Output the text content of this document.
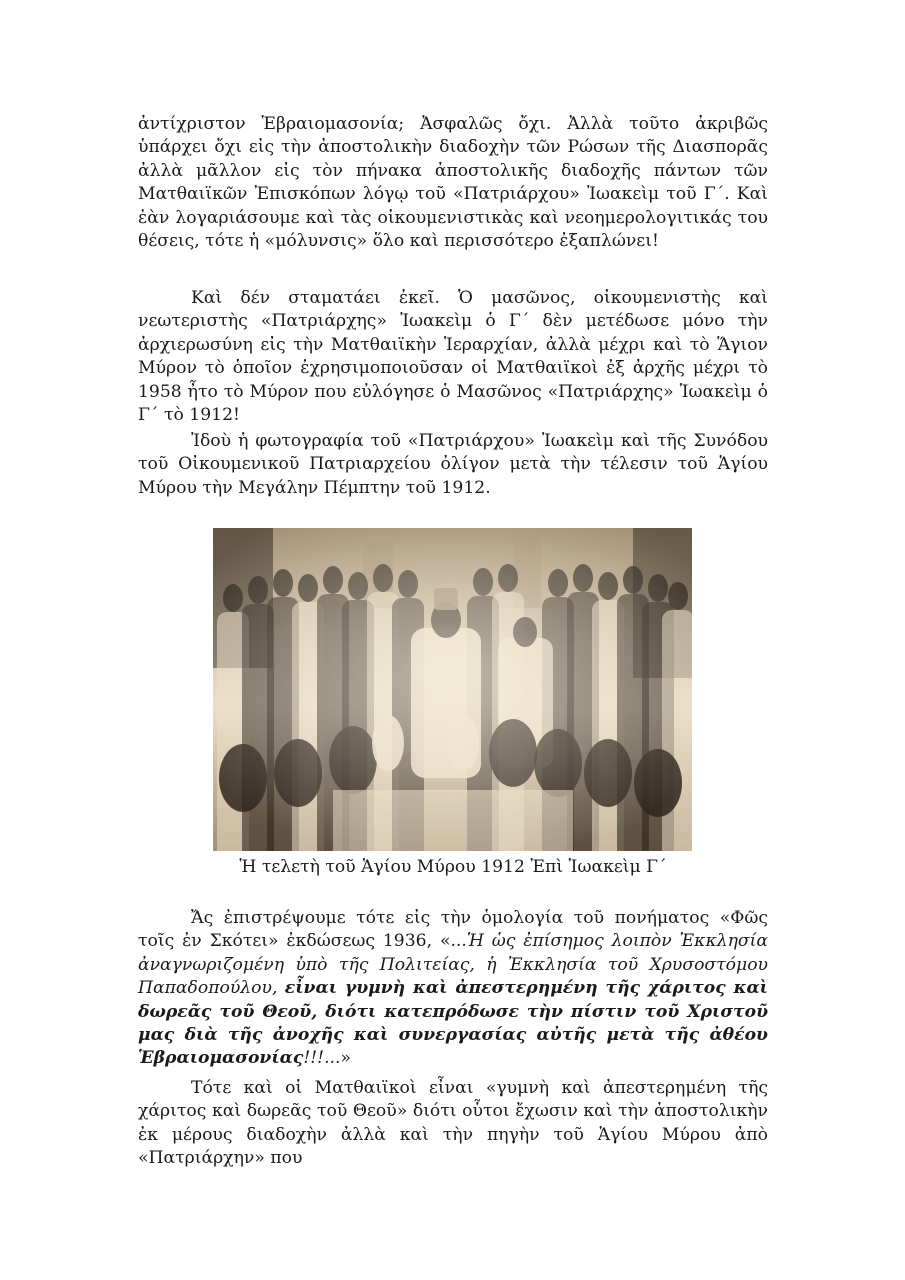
ἀντίχριστον Ἑβραιομασονία; Ἀσφαλῶς ὄχι. Ἀλλὰ τοῦτο ἀκριβῶς ὑπάρχει ὄχι εἰς τὴν ἀποστολικὴν διαδοχὴν τῶν Ρώσων τῆς Διασπορᾶς ἀλλὰ μᾶλλον εἰς τὸν πήνακα ἀποστολικῆς διαδοχῆς πάντων τῶν Ματθαιϊκῶν Ἐπισκόπων λόγῳ τοῦ «Πατριάρχου» Ἰωακεὶμ τοῦ Γ΄. Καὶ ἐὰν λογαριάσουμε καὶ τὰς οἰκουμενιστικὰς καὶ νεοημερολογιτικάς του θέσεις, τότε ἡ «μόλυνσις» ὅλο καὶ περισσότερο ἐξαπλώνει!

Καὶ δέν σταματάει ἐκεῖ. Ὁ μασῶνος, οἰκουμενιστὴς καὶ νεωτεριστὴς «Πατριάρχης» Ἰωακεὶμ ὁ Γ΄ δὲν μετέδωσε μόνο τὴν ἀρχιερωσύνη εἰς τὴν Ματθαιϊκὴν Ἱεραρχίαν, ἀλλὰ μέχρι καὶ τὸ Ἅγιον Μύρον τὸ ὁποῖον ἐχρησιμοποιοῦσαν οἱ Ματθαιϊκοὶ ἐξ ἀρχῆς μέχρι τὸ 1958 ἦτο τὸ Μύρον που εὐλόγησε ὁ Μασῶνος «Πατριάρχης» Ἰωακεὶμ ὁ Γ΄ τὸ 1912!

Ἰδοὺ ἡ φωτογραφία τοῦ «Πατριάρχου» Ἰωακεὶμ καὶ τῆς Συνόδου τοῦ Οἰκουμενικοῦ Πατριαρχείου ὀλίγον μετὰ τὴν τέλεσιν τοῦ Ἁγίου Μύρου τὴν Μεγάλην Πέμπτην τοῦ 1912.

Ἡ τελετὴ τοῦ Ἁγίου Μύρου 1912 Ἐπὶ Ἰωακεὶμ Γ΄

Ἄς ἐπιστρέψουμε τότε εἰς τὴν ὁμολογία τοῦ πονήματος «Φῶς τοῖς ἐν Σκότει» ἐκδώσεως 1936, «...Ἡ ὡς ἐπίσημος λοιπὸν Ἐκκλησία ἀναγνωριζομένη ὑπὸ τῆς Πολιτείας, ἡ Ἐκκλησία τοῦ Χρυσοστόμου Παπαδοπούλου, εἶναι γυμνὴ καὶ ἀπεστερημένη τῆς χάριτος καὶ δωρεᾶς τοῦ Θεοῦ, διότι κατεπρόδωσε τὴν πίστιν τοῦ Χριστοῦ μας διὰ τῆς ἀνοχῆς καὶ συνεργασίας αὐτῆς μετὰ τῆς ἀθέου Ἑβραιομασονίας!!!...»

Τότε καὶ οἱ Ματθαιϊκοὶ εἶναι «γυμνὴ καὶ ἀπεστερημένη τῆς χάριτος καὶ δωρεᾶς τοῦ Θεοῦ» διότι οὗτοι ἔχωσιν καὶ τὴν ἀποστολικὴν ἐκ μέρους διαδοχὴν ἀλλὰ καὶ τὴν πηγὴν τοῦ Ἁγίου Μύρου ἀπὸ «Πατριάρχην» που
